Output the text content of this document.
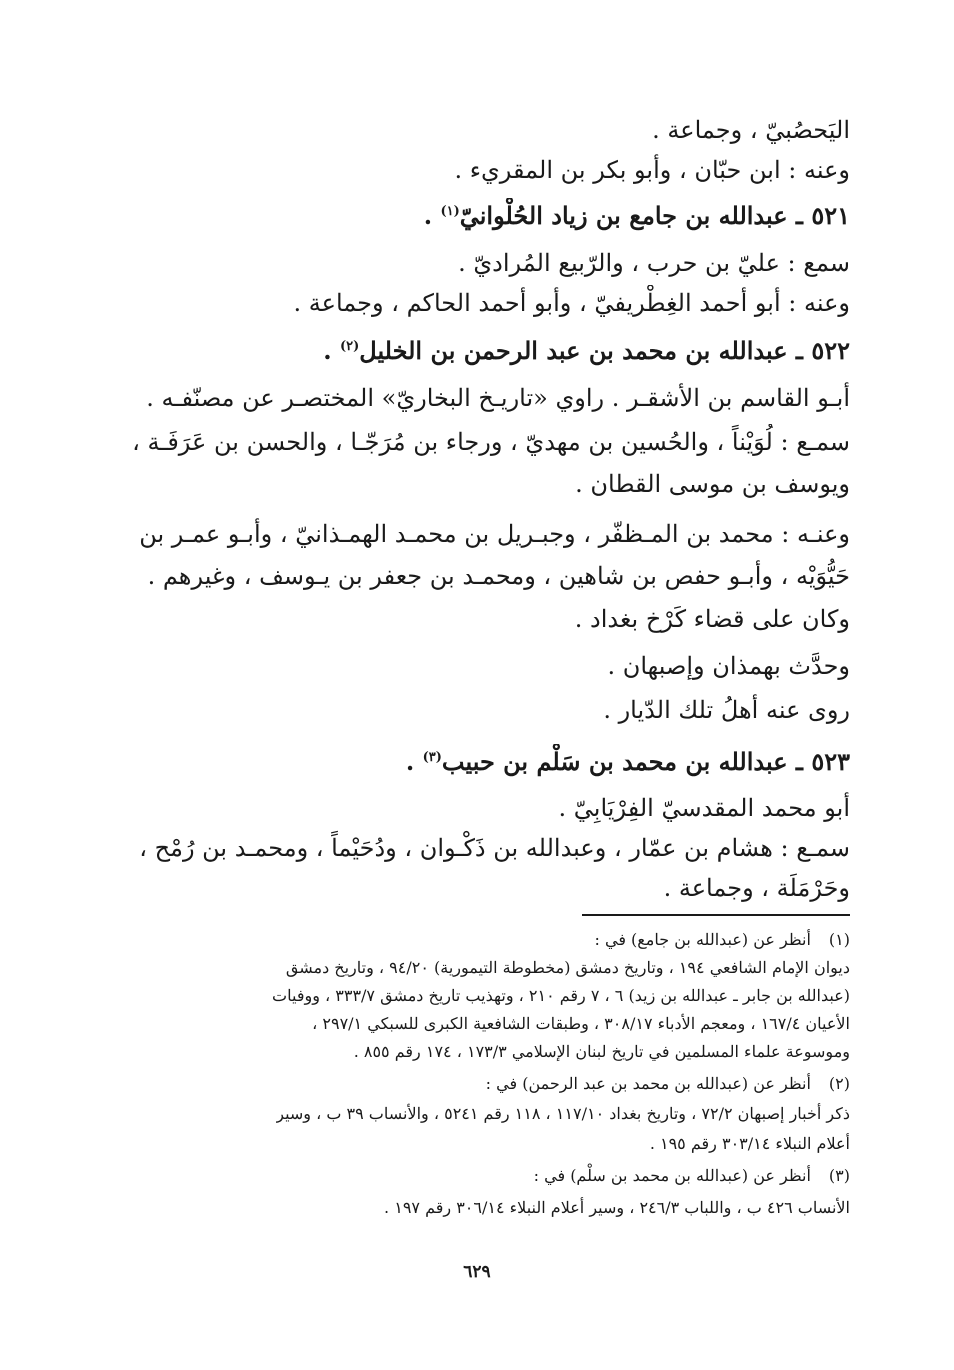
اليَحصُبيّ ، وجماعة .
وعنه : ابن حبّان ، وأبو بكر بن المقريء .
٥٢١ ـ عبدالله بن جامع بن زياد الحُلْوانيّ$^{(١)}$ .
سمع : عليّ بن حرب ، والرّبيع المُراديّ .
وعنه : أبو أحمد الغِطْريفيّ ، وأبو أحمد الحاكم ، وجماعة .
٥٢٢ ـ عبدالله بن محمد بن عبد الرحمن بن الخليل$^{(٢)}$ .
أبـو القاسم بن الأشقـر . راوي «تاريـخ البخاريّ» المختصـر عن مصنّفـه .
سمـع : لُوَيْناً ، والحُسين بن مهديّ ، ورجاء بن مُرَجّـا ، والحسن بن عَرَفَـة ،
ويوسف بن موسى القطان .
وعنـه : محمد بن المـظفّر ، وجبـريل بن محمـد الهمـذانيّ ، وأبـو عمـر بن
حَيُّوَيْه ، وأبـو حفص بن شاهين ، ومحمـد بن جعفر بن يـوسف ، وغيرهم .
وكان على قضاء كَرْخ بغداد .
وحدَّث بهمذان وإصبهان .
روى عنه أهلُ تلك الدّيار .
٥٢٣ ـ عبدالله بن محمد بن سَلْم بن حبيب$^{(٣)}$ .
أبو محمد المقدسيّ الفِرْيَابِيّ .
سمـع : هشام بن عمّار ، وعبدالله بن ذَكْـوان ، ودُحَيْماً ، ومحمـد بن رُمْح ،
وحَرْمَلَة ، وجماعة .
(١) أنظر عن (عبدالله بن جامع) في :
ديوان الإمام الشافعي ١٩٤ ، وتاريخ دمشق (مخطوطة التيمورية) ٩٤/٢٠ ، وتاريخ دمشق
(عبدالله بن جابر ـ عبدالله بن زيد) ٦ ، ٧ رقم ٢١٠ ، وتهذيب تاريخ دمشق ٣٣٣/٧ ، ووفيات
الأعيان ١٦٧/٤ ، ومعجم الأدباء ٣٠٨/١٧ ، وطبقات الشافعية الكبرى للسبكي ٢٩٧/١ ،
وموسوعة علماء المسلمين في تاريخ لبنان الإسلامي ١٧٣/٣ ، ١٧٤ رقم ٨٥٥ .
(٢) أنظر عن (عبدالله بن محمد بن عبد الرحمن) في :
ذكر أخبار إصبهان ٧٢/٢ ، وتاريخ بغداد ١١٧/١٠ ، ١١٨ رقم ٥٢٤١ ، والأنساب ٣٩ ب ، وسير
أعلام النبلاء ٣٠٣/١٤ رقم ١٩٥ .
(٣) أنظر عن (عبدالله بن محمد بن سلْم) في :
الأنساب ٤٢٦ ب ، واللباب ٢٤٦/٣ ، وسير أعلام النبلاء ٣٠٦/١٤ رقم ١٩٧ .
٦٢٩
